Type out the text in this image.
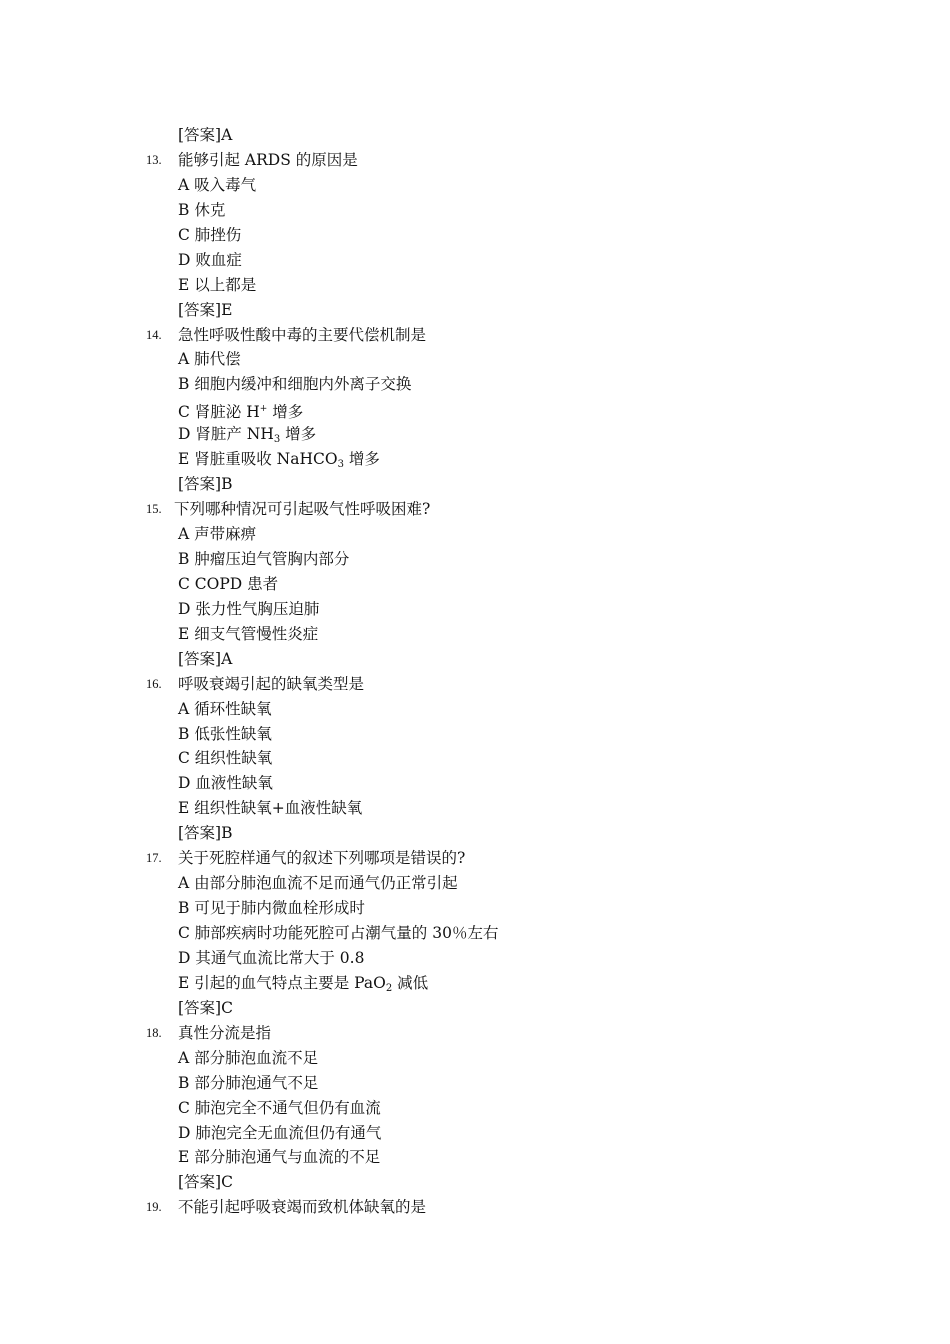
[答案]A
13. 能够引起 ARDS 的原因是
A 吸入毒气
B 休克
C 肺挫伤
D 败血症
E 以上都是
[答案]E
14. 急性呼吸性酸中毒的主要代偿机制是
A 肺代偿
B 细胞内缓冲和细胞内外离子交换
C 肾脏泌 H+ 增多
D 肾脏产 $NH_3$ 增多
E 肾脏重吸收 NaHCO$_3$ 增多
[答案]B
15. 下列哪种情况可引起吸气性呼吸困难?
A 声带麻痹
B 肿瘤压迫气管胸内部分
C COPD 患者
D 张力性气胸压迫肺
E 细支气管慢性炎症
[答案]A
16. 呼吸衰竭引起的缺氧类型是
A 循环性缺氧
B 低张性缺氧
C 组织性缺氧
D 血液性缺氧
E 组织性缺氧+血液性缺氧
[答案]B
17. 关于死腔样通气的叙述下列哪项是错误的?
A 由部分肺泡血流不足而通气仍正常引起
B 可见于肺内微血栓形成时
C 肺部疾病时功能死腔可占潮气量的 30％左右
D 其通气血流比常大于 0.8
E 引起的血气特点主要是 PaO$_2$ 减低
[答案]C
18. 真性分流是指
A 部分肺泡血流不足
B 部分肺泡通气不足
C 肺泡完全不通气但仍有血流
D 肺泡完全无血流但仍有通气
E 部分肺泡通气与血流的不足
[答案]C
19. 不能引起呼吸衰竭而致机体缺氧的是
